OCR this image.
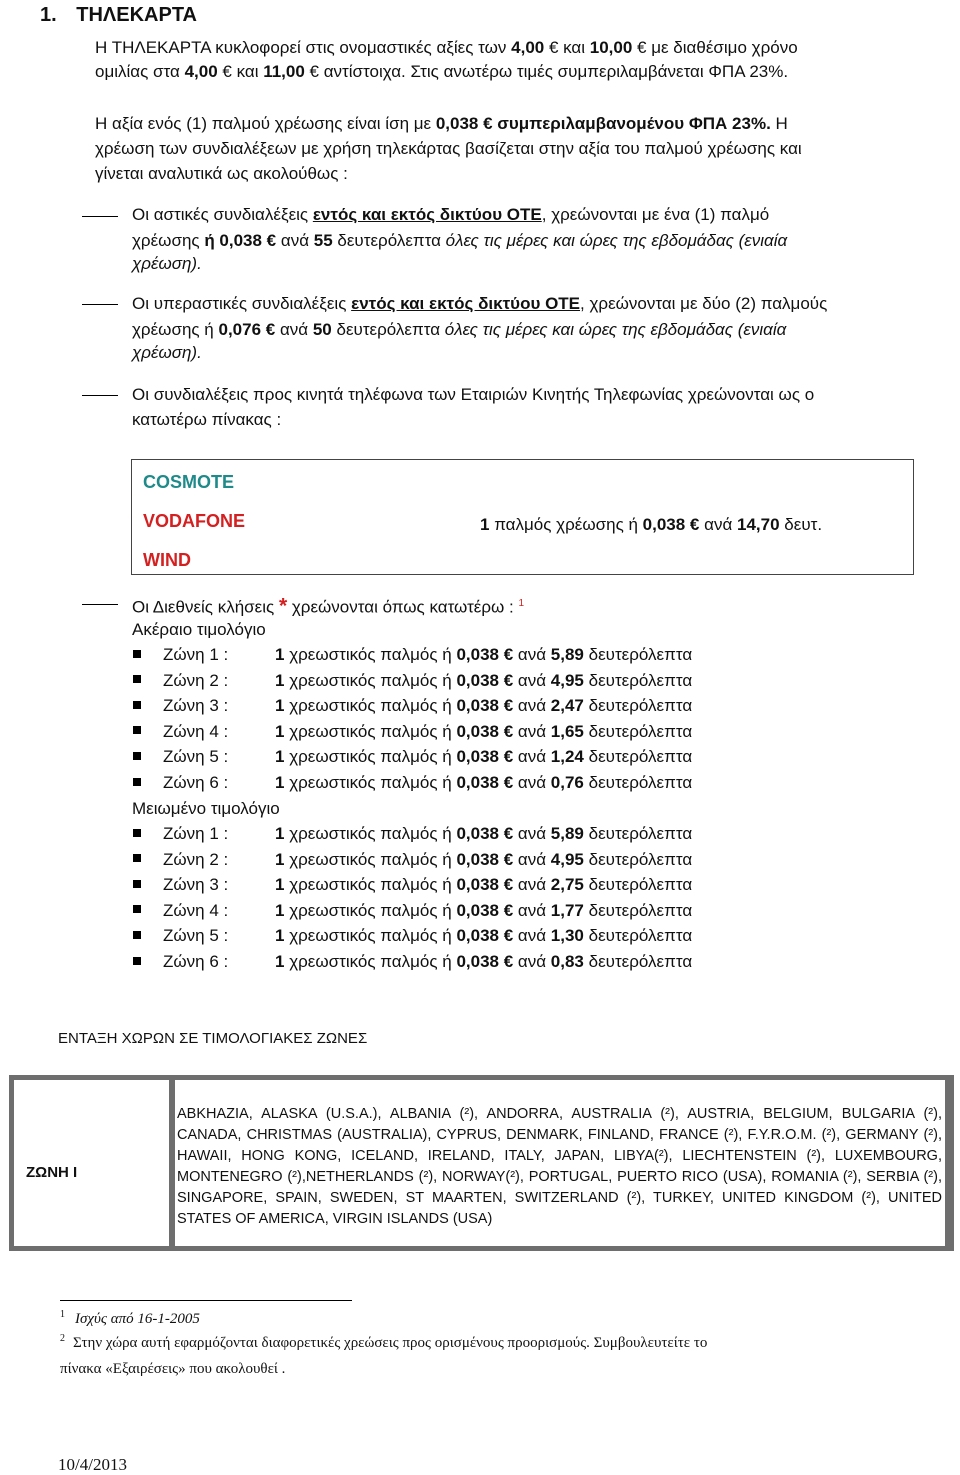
1. ΤΗΛΕΚΑΡΤΑ
Η ΤΗΛΕΚΑΡΤΑ κυκλοφορεί στις ονομαστικές αξίες των 4,00 € και 10,00 € με διαθέσιμο χρόνο
ομιλίας στα 4,00 € και 11,00 € αντίστοιχα. Στις ανωτέρω τιμές συμπεριλαμβάνεται ΦΠΑ 23%.
Η αξία ενός (1) παλμού χρέωσης είναι ίση με 0,038 € συμπεριλαμβανομένου ΦΠΑ 23%. Η
χρέωση των συνδιαλέξεων με χρήση τηλεκάρτας βασίζεται στην αξία του παλμού χρέωσης και
γίνεται αναλυτικά ως ακολούθως :
Οι αστικές συνδιαλέξεις εντός και εκτός δικτύου ΟΤΕ, χρεώνονται με ένα (1) παλμό
χρέωσης ή 0,038 € ανά 55 δευτερόλεπτα όλες τις μέρες και ώρες της εβδομάδας (ενιαία
χρέωση).
Οι υπεραστικές συνδιαλέξεις εντός και εκτός δικτύου ΟΤΕ, χρεώνονται με δύο (2) παλμούς
χρέωσης ή 0,076 € ανά 50 δευτερόλεπτα όλες τις μέρες και ώρες της εβδομάδας (ενιαία
χρέωση).
Οι συνδιαλέξεις προς κινητά τηλέφωνα των Εταιριών Κινητής Τηλεφωνίας χρεώνονται ως ο
κατωτέρω πίνακας :
COSMOTE
VODAFONE
WIND
1 παλμός χρέωσης ή 0,038 € ανά 14,70 δευτ.
Οι Διεθνείς κλήσεις * χρεώνονται όπως κατωτέρω : $^1$
Ακέραιο τιμολόγιο
Ζώνη 1 :	1 χρεωστικός παλμός ή 0,038 € ανά 5,89 δευτερόλεπτα
Ζώνη 2 :	1 χρεωστικός παλμός ή 0,038 € ανά 4,95 δευτερόλεπτα
Ζώνη 3 :	1 χρεωστικός παλμός ή 0,038 € ανά 2,47 δευτερόλεπτα
Ζώνη 4 :	1 χρεωστικός παλμός ή 0,038 € ανά 1,65 δευτερόλεπτα
Ζώνη 5 :	1 χρεωστικός παλμός ή 0,038 € ανά 1,24 δευτερόλεπτα
Ζώνη 6 :	1 χρεωστικός παλμός ή 0,038 € ανά 0,76 δευτερόλεπτα
Μειωμένο τιμολόγιο
Ζώνη 1 :	1 χρεωστικός παλμός ή 0,038 € ανά 5,89 δευτερόλεπτα
Ζώνη 2 :	1 χρεωστικός παλμός ή 0,038 € ανά 4,95 δευτερόλεπτα
Ζώνη 3 :	1 χρεωστικός παλμός ή 0,038 € ανά 2,75 δευτερόλεπτα
Ζώνη 4 :	1 χρεωστικός παλμός ή 0,038 € ανά 1,77 δευτερόλεπτα
Ζώνη 5 :	1 χρεωστικός παλμός ή 0,038 € ανά 1,30 δευτερόλεπτα
Ζώνη 6 :	1 χρεωστικός παλμός ή 0,038 € ανά 0,83 δευτερόλεπτα
ΕΝΤΑΞΗ ΧΩΡΩΝ ΣΕ ΤΙΜΟΛΟΓΙΑΚΕΣ ΖΩΝΕΣ
ΖΩΝΗ Ι
ABKHAZIA, ALASKA (U.S.A.), ALBANIA (²), ANDORRA, AUSTRALIA (²), AUSTRIA, BELGIUM, BULGARIA (²), CANADA, CHRISTMAS (AUSTRALIA), CYPRUS, DENMARK, FINLAND, FRANCE (²), F.Y.R.O.M. (²), GERMANY (²), HAWAII, HONG KONG, ICELAND, IRELAND, ITALY, JAPAN, LIBYA(²), LIECHTENSTEIN (²), LUXEMBOURG, MONTENEGRO (²),NETHERLANDS (²), NORWAY(²), PORTUGAL, PUERTO RICO (USA), ROMANIA (²), SERBIA (²), SINGAPORE, SPAIN, SWEDEN, ST MAARTEN, SWITZERLAND (²), TURKEY, UNITED KINGDOM (²), UNITED STATES OF AMERICA, VIRGIN ISLANDS (USA)
$^1$ Ισχύς από 16-1-2005
$^2$ Στην χώρα αυτή εφαρμόζονται διαφορετικές χρεώσεις προς ορισμένους προορισμούς. Συμβουλευτείτε το
πίνακα «Εξαιρέσεις» που ακολουθεί .
10/4/2013
